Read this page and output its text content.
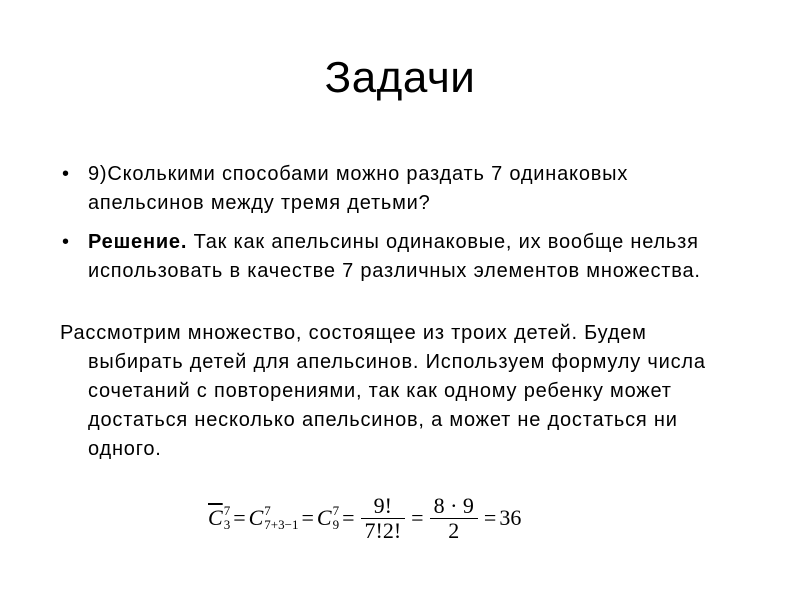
Задачи
• 9)Сколькими способами можно раздать 7 одинаковых апельсинов между тремя детьми?
• Решение. Так как апельсины одинаковые, их вообще нельзя использовать в качестве 7 различных элементов множества.
Рассмотрим множество, состоящее из троих детей. Будем
выбирать детей для апельсинов. Используем формулу числа сочетаний с повторениями, так как одному ребенку может достаться несколько апельсинов, а может не достаться ни одного.
$\overline{C}$ 7
3 = C 7
7+3−1 = C 7
$9 = \frac{9!}{7!2!} = \frac{8 \cdot 9}{2} = 36$
